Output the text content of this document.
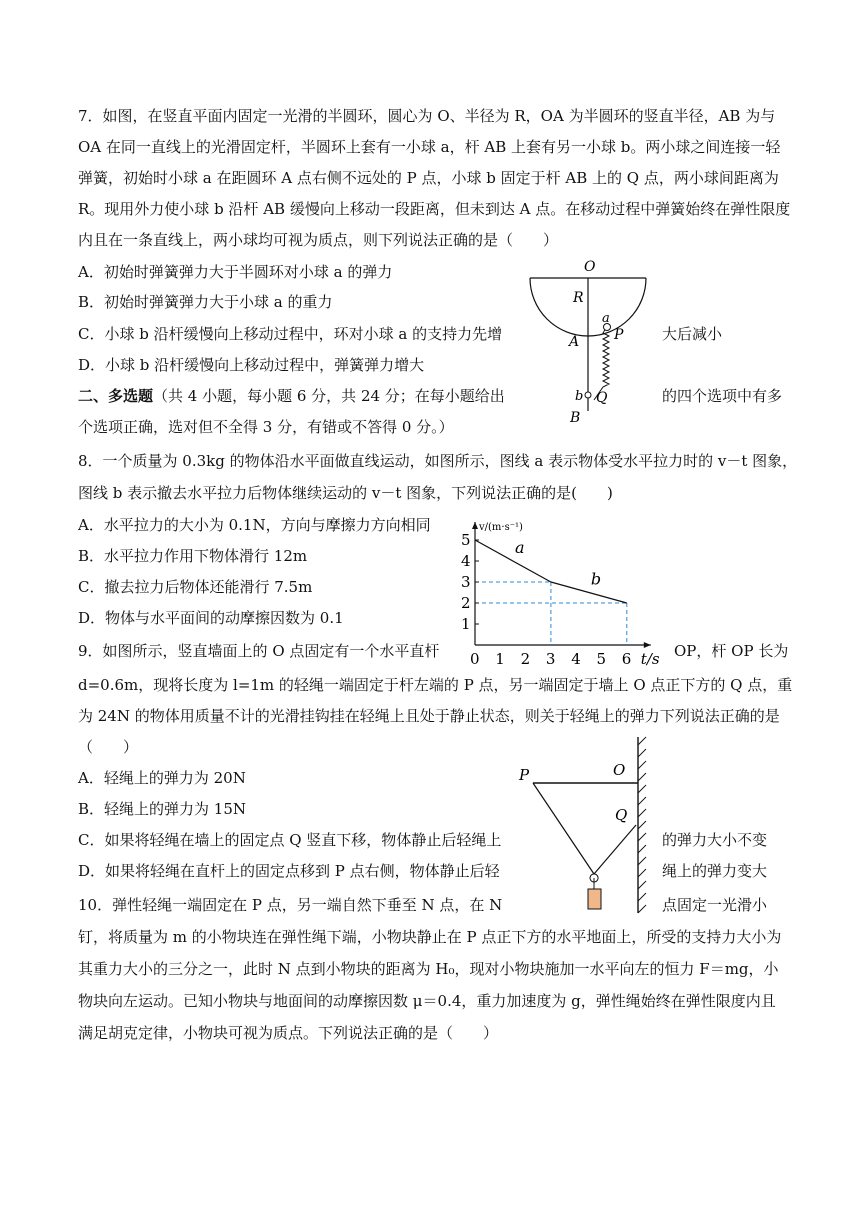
7．如图，在竖直平面内固定一光滑的半圆环，圆心为 O、半径为 R，OA 为半圆环的竖直半径，AB 为与
OA 在同一直线上的光滑固定杆，半圆环上套有一小球 a，杆 AB 上套有另一小球 b。两小球之间连接一轻
弹簧，初始时小球 a 在距圆环 A 点右侧不远处的 P 点，小球 b 固定于杆 AB 上的 Q 点，两小球间距离为
R。现用外力使小球 b 沿杆 AB 缓慢向上移动一段距离，但未到达 A 点。在移动过程中弹簧始终在弹性限度
内且在一条直线上，两小球均可视为质点，则下列说法正确的是（　　）
A．初始时弹簧弹力大于半圆环对小球 a 的弹力
B．初始时弹簧弹力大于小球 a 的重力
C．小球 b 沿杆缓慢向上移动过程中，环对小球 a 的支持力先增	大后减小
D．小球 b 沿杆缓慢向上移动过程中，弹簧弹力增大
O
R
a
P
A
b Q
B
二、多选题（共 4 小题，每小题 6 分，共 24 分；在每小题给出	的四个选项中有多
个选项正确，选对但不全得 3 分，有错或不答得 0 分。）
8．一个质量为 0.3kg 的物体沿水平面做直线运动，如图所示，图线 a 表示物体受水平拉力时的 v－t 图象，
图线 b 表示撤去水平拉力后物体继续运动的 v－t 图象，下列说法正确的是(　　)
A．水平拉力的大小为 0.1N，方向与摩擦力方向相同
B．水平拉力作用下物体滑行 12m
C．撤去拉力后物体还能滑行 7.5m
D．物体与水平面间的动摩擦因数为 0.1
t/s
v/(m·s⁻¹)
a
b
0 1 2 3 4 5 6
1
2
3
4
5
9．如图所示，竖直墙面上的 O 点固定有一个水平直杆	OP，杆 OP 长为
d=0.6m，现将长度为 l=1m 的轻绳一端固定于杆左端的 P 点，另一端固定于墙上 O 点正下方的 Q 点，重
为 24N 的物体用质量不计的光滑挂钩挂在轻绳上且处于静止状态，则关于轻绳上的弹力下列说法正确的是
（　　）
A．轻绳上的弹力为 20N
B．轻绳上的弹力为 15N
C．如果将轻绳在墙上的固定点 Q 竖直下移，物体静止后轻绳上	的弹力大小不变
D．如果将轻绳在直杆上的固定点移到 P 点右侧，物体静止后轻	绳上的弹力变大
P	O
Q
10．弹性轻绳一端固定在 P 点，另一端自然下垂至 N 点，在 N	点固定一光滑小
钉，将质量为 m 的小物块连在弹性绳下端，小物块静止在 P 点正下方的水平地面上，所受的支持力大小为
其重力大小的三分之一，此时 N 点到小物块的距离为 H₀，现对小物块施加一水平向左的恒力 F＝mg，小
物块向左运动。已知小物块与地面间的动摩擦因数 μ＝0.4，重力加速度为 g，弹性绳始终在弹性限度内且
满足胡克定律，小物块可视为质点。下列说法正确的是（　　）
